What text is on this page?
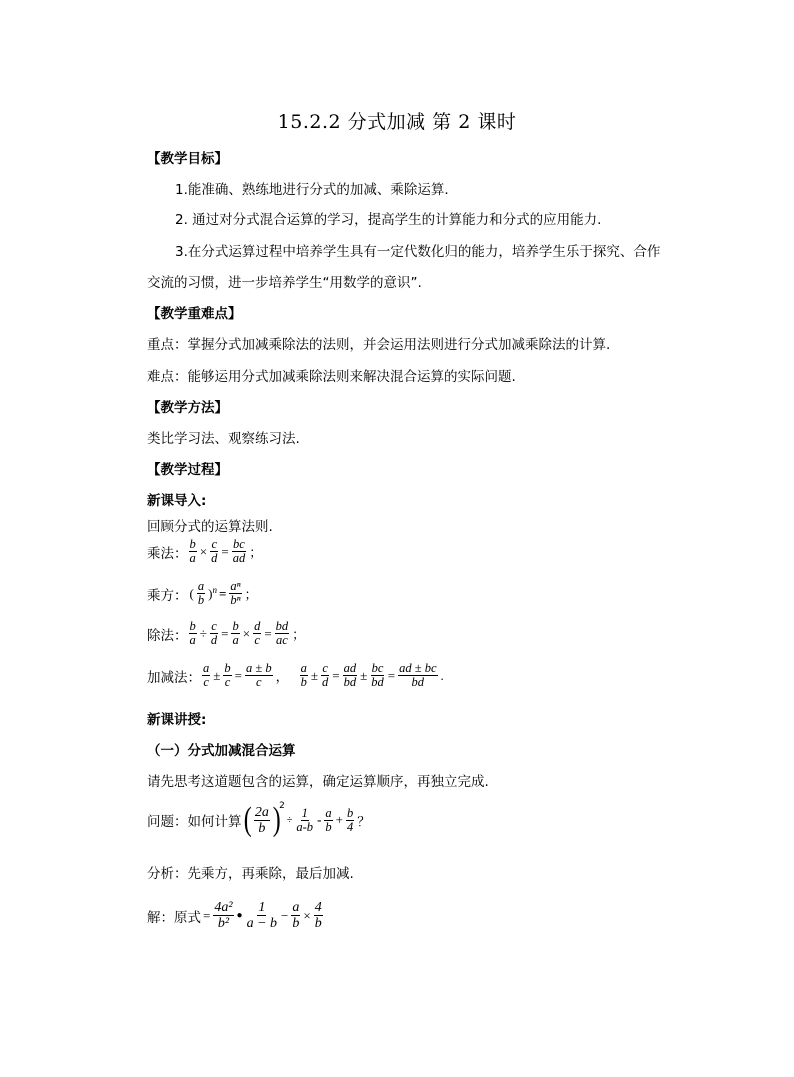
15.2.2 分式加减 第 2 课时
【教学目标】
1.能准确、熟练地进行分式的加减、乘除运算.
2. 通过对分式混合运算的学习，提高学生的计算能力和分式的应用能力.
3.在分式运算过程中培养学生具有一定代数化归的能力，培养学生乐于探究、合作
交流的习惯，进一步培养学生“用数学的意识”.
【教学重难点】
重点：掌握分式加减乘除法的法则，并会运用法则进行分式加减乘除法的计算.
难点：能够运用分式加减乘除法则来解决混合运算的实际问题.
【教学方法】
类比学习法、观察练习法.
【教学过程】
新课导入:
回顾分式的运算法则.
乘法： $\frac{b}{a} \times \frac{c}{d} = \frac{bc}{ad}$ ；
乘方： ( $\frac{a}{b} )^n = \frac{\text{aⁿ}}{\text{bⁿ}}$ ；
除法： $\frac{b}{a} \div \frac{c}{d} = \frac{b}{a} \times \frac{d}{c} = \frac{bd}{ac}$ ；
加减法： $\frac{a}{c} \pm \frac{b}{c} = \frac{a \pm b}{c}$ ， $\frac{a}{b} \pm \frac{c}{d} = \frac{ad}{bd} \pm \frac{bc}{bd} = \frac{ad \pm bc}{bd}$ .
新课讲授:
（一）分式加减混合运算
请先思考这道题包含的运算，确定运算顺序，再独立完成.
问题：如何计算 ( $\frac{2a}{b}$ )
2
÷ $\frac{1}{a-b} - \frac{a}{b} + \frac{b}{4}$ ？
分析：先乘方，再乘除，最后加减.
解：原式 = $\frac{\text{4a²}}{\text{b²}}$ ● $\frac{1}{a - b} - \frac{a}{b} \times \frac{4}{b}$
